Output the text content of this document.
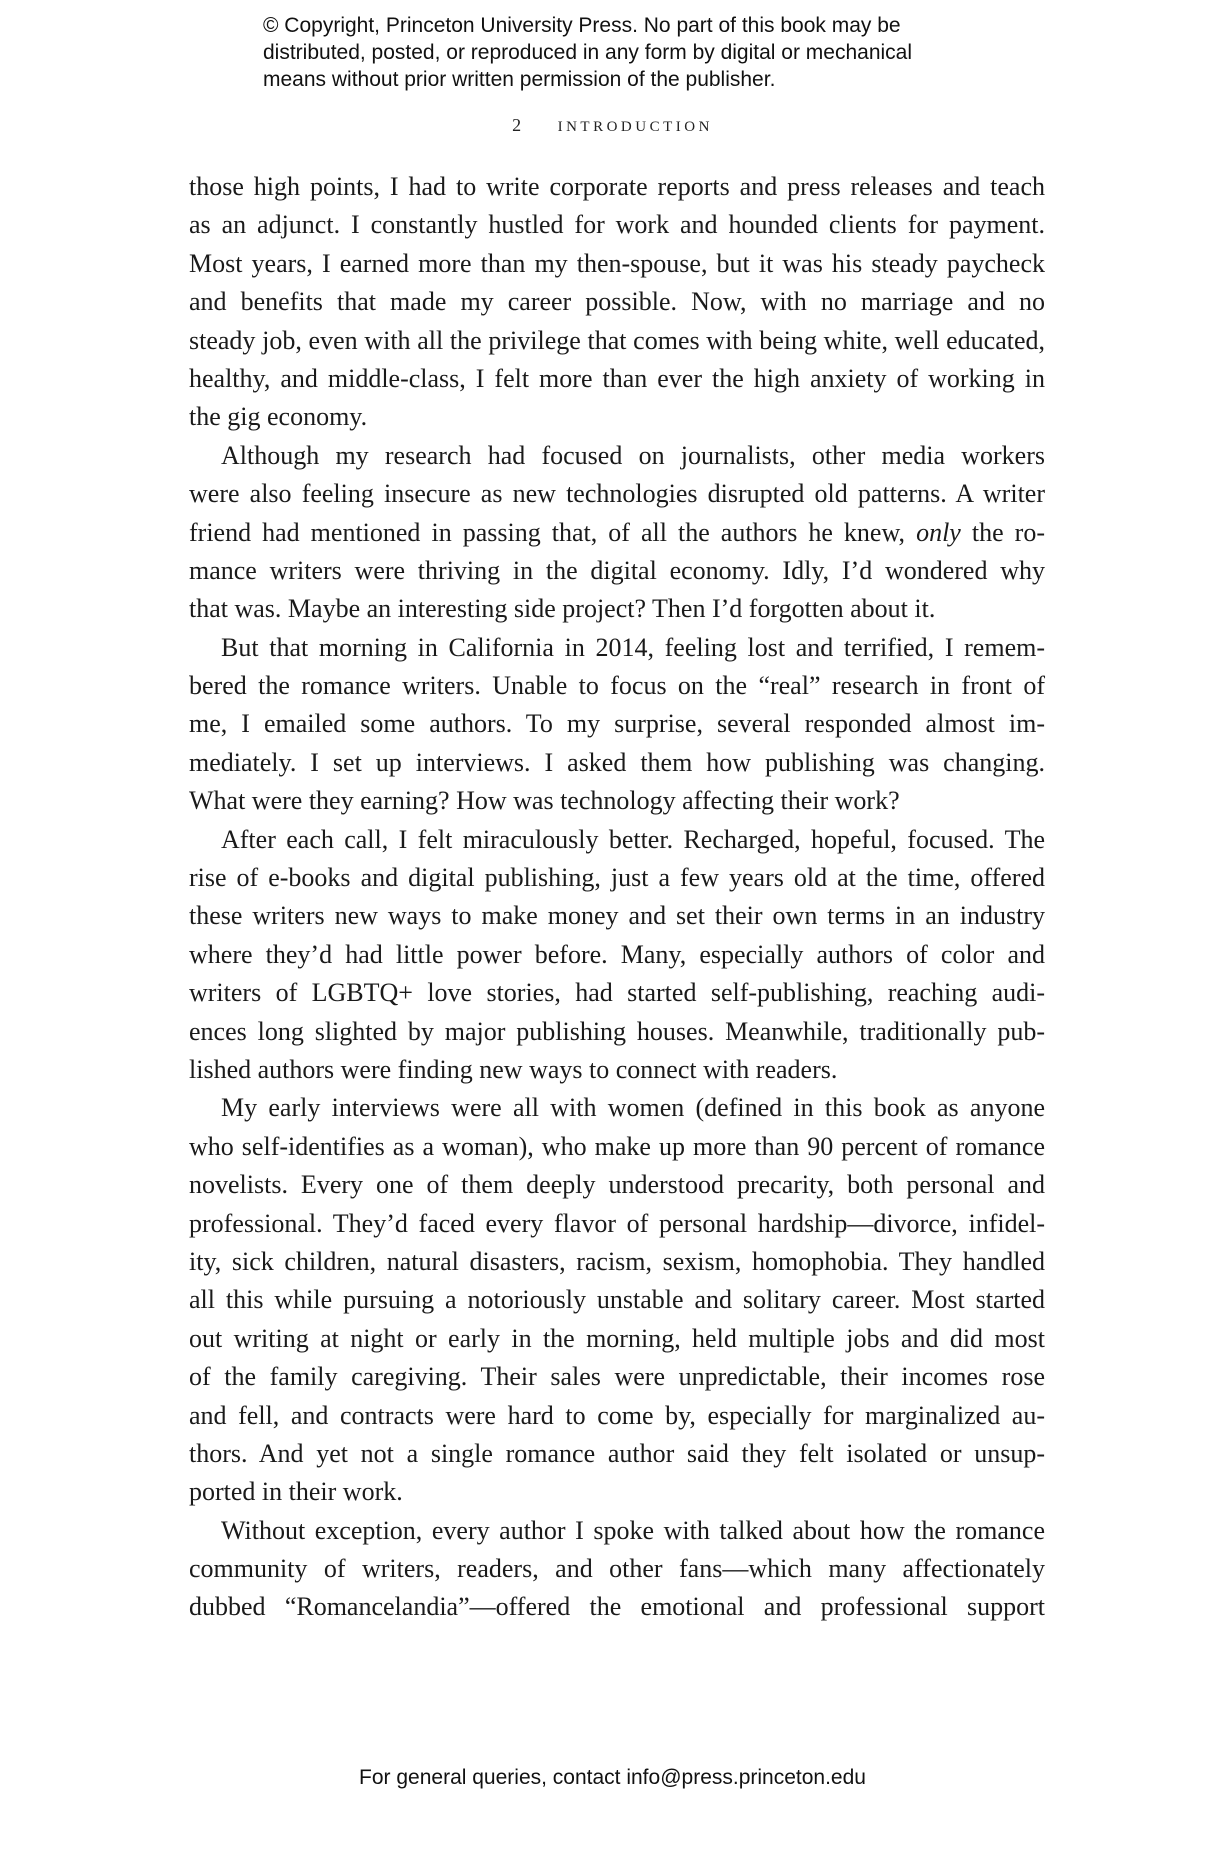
© Copyright, Princeton University Press. No part of this book may be
distributed, posted, or reproduced in any form by digital or mechanical
means without prior written permission of the publisher.
2 introduction
those high points, I had to write corporate reports and press releases and teach
as an adjunct. I constantly hustled for work and hounded clients for payment.
Most years, I earned more than my then-spouse, but it was his steady paycheck
and benefits that made my career possible. Now, with no marriage and no
steady job, even with all the privilege that comes with being white, well educated,
healthy, and middle-class, I felt more than ever the high anxiety of working in
the gig economy.
Although my research had focused on journalists, other media workers
were also feeling insecure as new technologies disrupted old patterns. A writer
friend had mentioned in passing that, of all the authors he knew, only the ro-
mance writers were thriving in the digital economy. Idly, I’d wondered why
that was. Maybe an interesting side project? Then I’d forgotten about it.
But that morning in California in 2014, feeling lost and terrified, I remem-
bered the romance writers. Unable to focus on the “real” research in front of
me, I emailed some authors. To my surprise, several responded almost im-
mediately. I set up interviews. I asked them how publishing was changing.
What were they earning? How was technology affecting their work?
After each call, I felt miraculously better. Recharged, hopeful, focused. The
rise of e-books and digital publishing, just a few years old at the time, offered
these writers new ways to make money and set their own terms in an industry
where they’d had little power before. Many, especially authors of color and
writers of LGBTQ+ love stories, had started self-publishing, reaching audi-
ences long slighted by major publishing houses. Meanwhile, traditionally pub-
lished authors were finding new ways to connect with readers.
My early interviews were all with women (defined in this book as anyone
who self-identifies as a woman), who make up more than 90 percent of romance
novelists. Every one of them deeply understood precarity, both personal and
professional. They’d faced every flavor of personal hardship—divorce, infidel-
ity, sick children, natural disasters, racism, sexism, homophobia. They handled
all this while pursuing a notoriously unstable and solitary career. Most started
out writing at night or early in the morning, held multiple jobs and did most
of the family caregiving. Their sales were unpredictable, their incomes rose
and fell, and contracts were hard to come by, especially for marginalized au-
thors. And yet not a single romance author said they felt isolated or unsup-
ported in their work.
Without exception, every author I spoke with talked about how the romance
community of writers, readers, and other fans—which many affectionately
dubbed “Romancelandia”—offered the emotional and professional support
For general queries, contact info@press.princeton.edu
